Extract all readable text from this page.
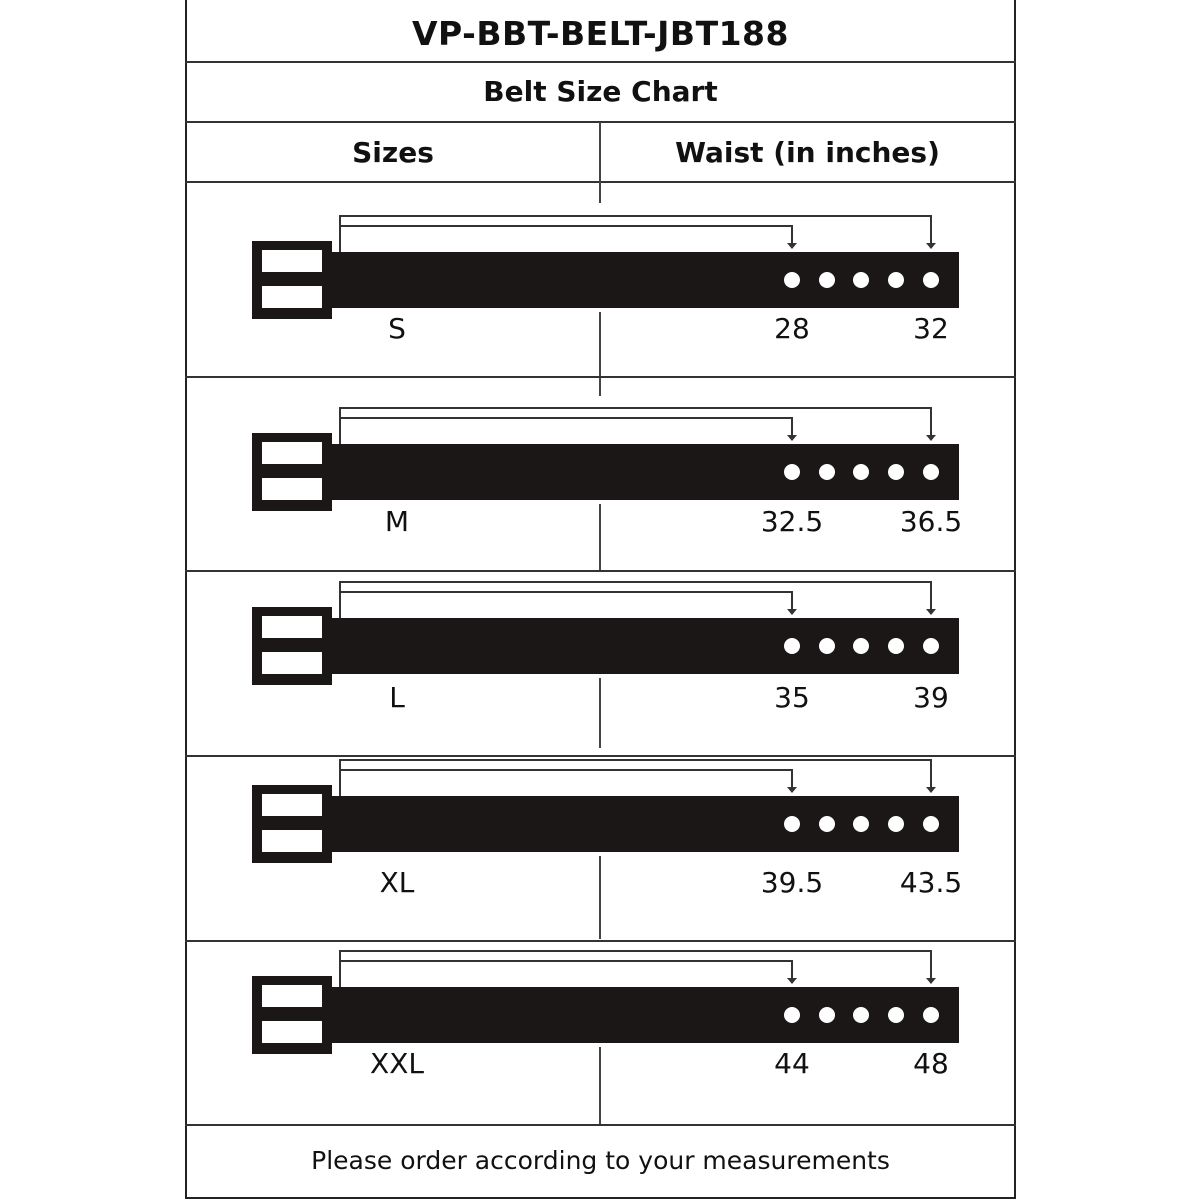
VP-BBT-BELT-JBT188
Belt Size Chart
Sizes	Waist (in inches)
S	28	32
M	32.5	36.5
L	35	39
XL	39.5	43.5
XXL	44	48
Please order according to your measurements
